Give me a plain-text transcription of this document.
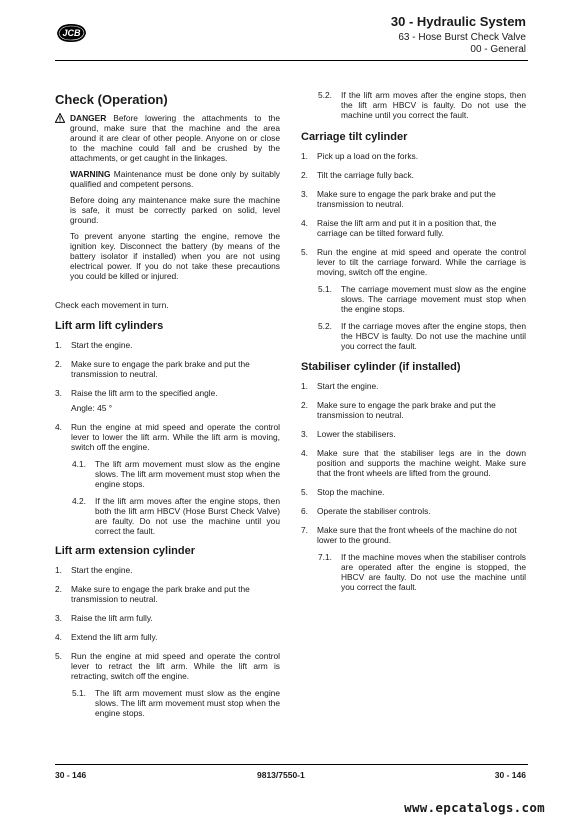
JCB
30 - Hydraulic System
63 - Hose Burst Check Valve
00 - General

Check (Operation)

DANGER Before lowering the attachments to the ground, make sure that the machine and the area around it are clear of other people. Anyone on or close to the machine could fall and be crushed by the attachments, or get caught in the linkages.

WARNING Maintenance must be done only by suitably qualified and competent persons.

Before doing any maintenance make sure the machine is safe, it must be correctly parked on solid, level ground.

To prevent anyone starting the engine, remove the ignition key. Disconnect the battery (by means of the battery isolator if installed) when you are not using electrical power. If you do not take these precautions you could be killed or injured.

Check each movement in turn.

Lift arm lift cylinders

1. Start the engine.

2. Make sure to engage the park brake and put the transmission to neutral.

3. Raise the lift arm to the specified angle.

Angle: 45 °

4. Run the engine at mid speed and operate the control lever to lower the lift arm. While the lift arm is moving, switch off the engine.

4.1. The lift arm movement must slow as the engine slows. The lift arm movement must stop when the engine stops.

4.2. If the lift arm moves after the engine stops, then both the lift arm HBCV (Hose Burst Check Valve) are faulty. Do not use the machine until you correct the fault.

Lift arm extension cylinder

1. Start the engine.

2. Make sure to engage the park brake and put the transmission to neutral.

3. Raise the lift arm fully.

4. Extend the lift arm fully.

5. Run the engine at mid speed and operate the control lever to retract the lift arm. While the lift arm is retracting, switch off the engine.

5.1. The lift arm movement must slow as the engine slows. The lift arm movement must stop when the engine stops.

5.2. If the lift arm moves after the engine stops, then the lift arm HBCV is faulty. Do not use the machine until you correct the fault.

Carriage tilt cylinder

1. Pick up a load on the forks.

2. Tilt the carriage fully back.

3. Make sure to engage the park brake and put the transmission to neutral.

4. Raise the lift arm and put it in a position that, the carriage can be tilted forward fully.

5. Run the engine at mid speed and operate the control lever to tilt the carriage forward. While the carriage is moving, switch off the engine.

5.1. The carriage movement must slow as the engine slows. The carriage movement must stop when the engine stops.

5.2. If the carriage moves after the engine stops, then the HBCV is faulty. Do not use the machine until you correct the fault.

Stabiliser cylinder (if installed)

1. Start the engine.

2. Make sure to engage the park brake and put the transmission to neutral.

3. Lower the stabilisers.

4. Make sure that the stabiliser legs are in the down position and supports the machine weight. Make sure that the front wheels are lifted from the ground.

5. Stop the machine.

6. Operate the stabiliser controls.

7. Make sure that the front wheels of the machine do not lower to the ground.

7.1. If the machine moves when the stabiliser controls are operated after the engine is stopped, the HBCV are faulty. Do not use the machine until you correct the fault.

30 - 146	9813/7550-1	30 - 146
www.epcatalogs.com
